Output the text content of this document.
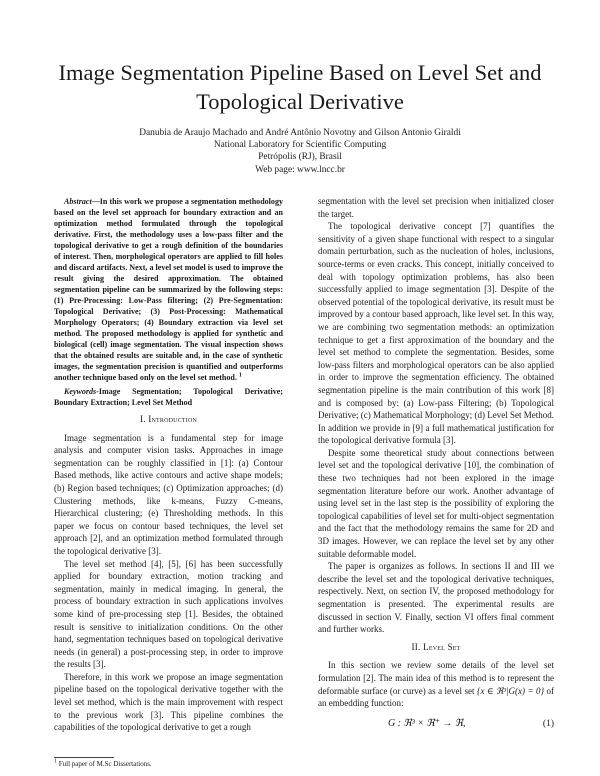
Image Segmentation Pipeline Based on Level Set and Topological Derivative
Danubia de Araujo Machado and André Antônio Novotny and Gilson Antonio Giraldi
National Laboratory for Scientific Computing
Petrópolis (RJ), Brasil
Web page: www.lncc.br

Abstract—In this work we propose a segmentation methodology based on the level set approach for boundary extraction and an optimization method formulated through the topological derivative. First, the methodology uses a low-pass filter and the topological derivative to get a rough definition of the boundaries of interest. Then, morphological operators are applied to fill holes and discard artifacts. Next, a level set model is used to improve the result giving the desired approximation. The obtained segmentation pipeline can be summarized by the following steps: (1) Pre-Processing: Low-Pass filtering; (2) Pre-Segmentation: Topological Derivative; (3) Post-Processing: Mathematical Morphology Operators; (4) Boundary extraction via level set method. The proposed methodology is applied for synthetic and biological (cell) image segmentation. The visual inspection shows that the obtained results are suitable and, in the case of synthetic images, the segmentation precision is quantified and outperforms another technique based only on the level set method. $^1$

Keywords-Image Segmentation; Topological Derivative; Boundary Extraction; Level Set Method

I. Introduction

Image segmentation is a fundamental step for image analysis and computer vision tasks. Approaches in image segmentation can be roughly classified in [1]: (a) Contour Based methods, like active contours and active shape models; (b) Region based techniques; (c) Optimization approaches; (d) Clustering methods, like k-means, Fuzzy C-means, Hierarchical clustering; (e) Thresholding methods. In this paper we focus on contour based techniques, the level set approach [2], and an optimization method formulated through the topological derivative [3].

The level set method [4], [5], [6] has been successfully applied for boundary extraction, motion tracking and segmentation, mainly in medical imaging. In general, the process of boundary extraction in such applications involves some kind of pre-processing step [1]. Besides, the obtained result is sensitive to initialization conditions. On the other hand, segmentation techniques based on topological derivative needs (in general) a post-processing step, in order to improve the results [3].

Therefore, in this work we propose an image segmentation pipeline based on the topological derivative together with the level set method, which is the main improvement with respect to the previous work [3]. This pipeline combines the capabilities of the topological derivative to get a rough

$^1$ Full paper of M.Sc Dissertations.

segmentation with the level set precision when initialized closer the target.

The topological derivative concept [7] quantifies the sensitivity of a given shape functional with respect to a singular domain perturbation, such as the nucleation of holes, inclusions, source-terms or even cracks. This concept, initially conceived to deal with topology optimization problems, has also been successfully applied to image segmentation [3]. Despite of the observed potential of the topological derivative, its result must be improved by a contour based approach, like level set. In this way, we are combining two segmentation methods: an optimization technique to get a first approximation of the boundary and the level set method to complete the segmentation. Besides, some low-pass filters and morphological operators can be also applied in order to improve the segmentation efficiency. The obtained segmentation pipeline is the main contribution of this work [8] and is composed by: (a) Low-pass Filtering; (b) Topological Derivative; (c) Mathematical Morphology; (d) Level Set Method. In addition we provide in [9] a full mathematical justification for the topological derivative formula [3].

Despite some theoretical study about connections between level set and the topological derivative [10], the combination of these two techniques had not been explored in the image segmentation literature before our work. Another advantage of using level set in the last step is the possibility of exploring the topological capabilities of level set for multi-object segmentation and the fact that the methodology remains the same for 2D and 3D images. However, we can replace the level set by any other suitable deformable model.

The paper is organizes as follows. In sections II and III we describe the level set and the topological derivative techniques, respectively. Next, on section IV, the proposed methodology for segmentation is presented. The experimental results are discussed in section V. Finally, section VI offers final comment and further works.

II. Level Set

In this section we review some details of the level set formulation [2]. The main idea of this method is to represent the deformable surface (or curve) as a level set {x ∈ ℜ³|G(x) = 0} of an embedding function:

G : ℜ³ × ℜ⁺ → ℜ,	(1)
